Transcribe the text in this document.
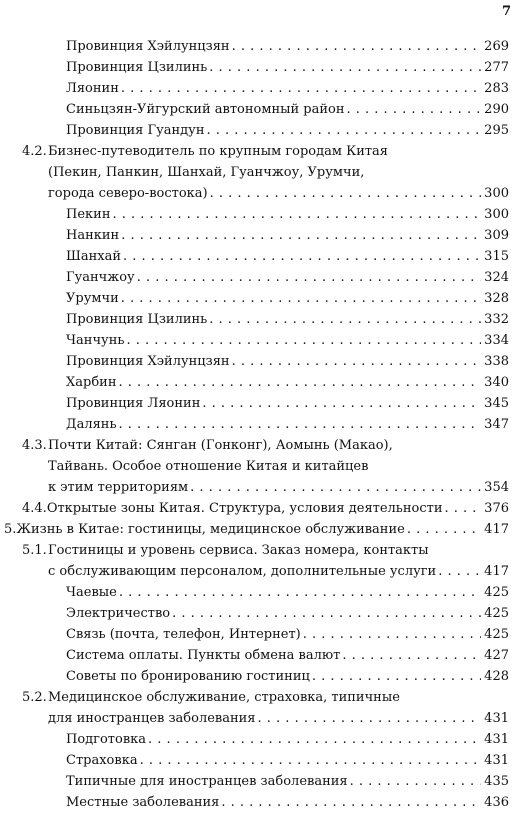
7
Провинция Хэйлунцзян . . .	269
Провинция Цзилинь . . .	277
Ляонин . . .	283
Синьцзян-Уйгурский автономный район . . .	290
Провинция Гуандун . . .	295
4.2.Бизнес-путеводитель по крупным городам Китая
(Пекин, Панкин, Шанхай, Гуанчжоу, Урумчи,
города северо-востока) . . .	300
Пекин . . .	300
Нанкин . . .	309
Шанхай . . .	315
Гуанчжоу . . .	324
Урумчи . . .	328
Провинция Цзилинь . . .	332
Чанчунь . . .	334
Провинция Хэйлунцзян . . .	338
Харбин . . .	340
Провинция Ляонин . . .	345
Далянь . . .	347
4.3.Почти Китай: Сянган (Гонконг), Аомынь (Макао),
Тайвань. Особое отношение Китая и китайцев
к этим территориям . . .	354
4.4. Открытые зоны Китая. Структура, условия деятельности . . .	376
5. Жизнь в Китае: гостиницы, медицинское обслуживание . . .	417
5.1.Гостиницы и уровень сервиса. Заказ номера, контакты
с обслуживающим персоналом, дополнительные услуги . . .	417
Чаевые . . .	425
Электричество . . .	425
Связь (почта, телефон, Интернет) . . .	425
Система оплаты. Пункты обмена валют . . .	427
Советы по бронированию гостиниц . . .	428
5.2.Медицинское обслуживание, страховка, типичные
для иностранцев заболевания . . .	431
Подготовка . . .	431
Страховка . . .	431
Типичные для иностранцев заболевания . . .	435
Местные заболевания . . .	436
